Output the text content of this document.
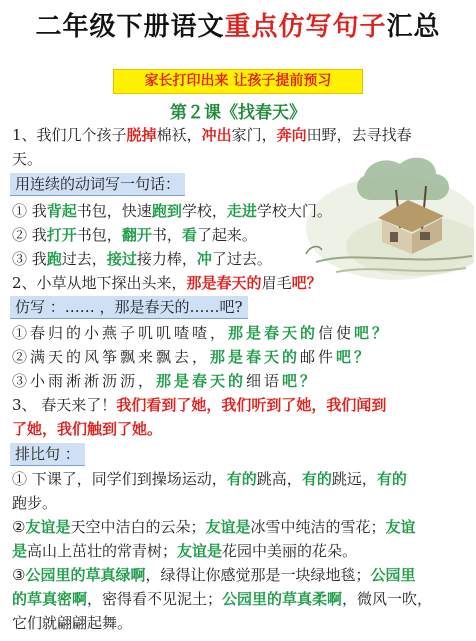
二年级下册语文重点仿写句子汇总
家长打印出来 让孩子提前预习
第２课《找春天》
1、我们几个孩子脱掉棉袄，冲出家门，奔向田野，去寻找春
天。
用连续的动词写一句话：
① 我背起书包，快速跑到学校，走进学校大门。
② 我打开书包，翻开书，看了起来。
③ 我跑过去，接过接力棒，冲了过去。
2、小草从地下探出头来，那是春天的眉毛吧？
仿写 ：…… ，那是春天的……吧?
①春归的小燕子叽叽喳喳，那是春天的信使吧？
②满天的风筝飘来飘去，那是春天的邮件吧？
③小雨淅淅沥沥，那是春天的细语吧？
3、 春天来了！我们看到了她，我们听到了她，我们闻到
了她，我们触到了她。
排比句 ：
① 下课了，同学们到操场运动，有的跳高，有的跳远，有的
跑步。
②友谊是天空中洁白的云朵；友谊是冰雪中纯洁的雪花；友谊
是高山上茁壮的常青树；友谊是花园中美丽的花朵。
③公园里的草真绿啊，绿得让你感觉那是一块绿地毯；公园里
的草真密啊，密得看不见泥土；公园里的草真柔啊，微风一吹，
它们就翩翩起舞。
